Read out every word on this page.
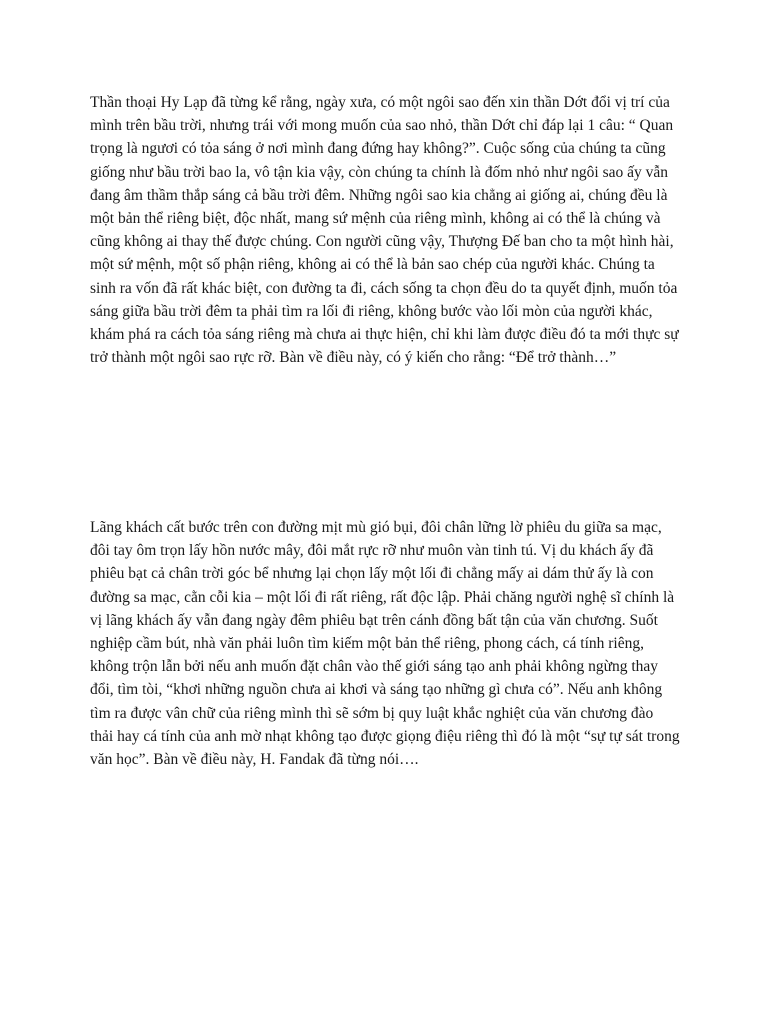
Thần thoại Hy Lạp đã từng kể rằng, ngày xưa, có một ngôi sao đến xin thần Dớt đổi vị trí của mình trên bầu trời, nhưng trái với mong muốn của sao nhỏ, thần Dớt chỉ đáp lại 1 câu: “ Quan trọng là ngươi có tỏa sáng ở nơi mình đang đứng hay không?”. Cuộc sống của chúng ta cũng giống như bầu trời bao la, vô tận kia vậy, còn chúng ta chính là đốm nhỏ như ngôi sao ấy vẫn đang âm thầm thắp sáng cả bầu trời đêm. Những ngôi sao kia chẳng ai giống ai, chúng đều là một bản thể riêng biệt, độc nhất, mang sứ mệnh của riêng mình, không ai có thể là chúng và cũng không ai thay thế được chúng. Con người cũng vậy, Thượng Đế ban cho ta một hình hài, một sứ mệnh, một số phận riêng, không ai có thể là bản sao chép của người khác. Chúng ta sinh ra vốn đã rất khác biệt, con đường ta đi, cách sống ta chọn đều do ta quyết định, muốn tỏa sáng giữa bầu trời đêm ta phải tìm ra lối đi riêng, không bước vào lối mòn của người khác, khám phá ra cách tỏa sáng riêng mà chưa ai thực hiện, chỉ khi làm được điều đó ta mới thực sự trở thành một ngôi sao rực rỡ. Bàn về điều này, có ý kiến cho rằng: “Để trở thành…”

Lãng khách cất bước trên con đường mịt mù gió bụi, đôi chân lững lờ phiêu du giữa sa mạc, đôi tay ôm trọn lấy hồn nước mây, đôi mắt rực rỡ như muôn vàn tinh tú. Vị du khách ấy đã phiêu bạt cả chân trời góc bể nhưng lại chọn lấy một lối đi chẳng mấy ai dám thử ấy là con đường sa mạc, cằn cỗi kia – một lối đi rất riêng, rất độc lập. Phải chăng người nghệ sĩ chính là vị lãng khách ấy vẫn đang ngày đêm phiêu bạt trên cánh đồng bất tận của văn chương. Suốt nghiệp cầm bút, nhà văn phải luôn tìm kiếm một bản thể riêng, phong cách, cá tính riêng, không trộn lẫn bởi nếu anh muốn đặt chân vào thế giới sáng tạo anh phải không ngừng thay đổi, tìm tòi, “khơi những nguồn chưa ai khơi và sáng tạo những gì chưa có”. Nếu anh không tìm ra được vân chữ của riêng mình thì sẽ sớm bị quy luật khắc nghiệt của văn chương đào thải hay cá tính của anh mờ nhạt không tạo được giọng điệu riêng thì đó là một “sự tự sát trong văn học”. Bàn về điều này, H. Fandak đã từng nói….
